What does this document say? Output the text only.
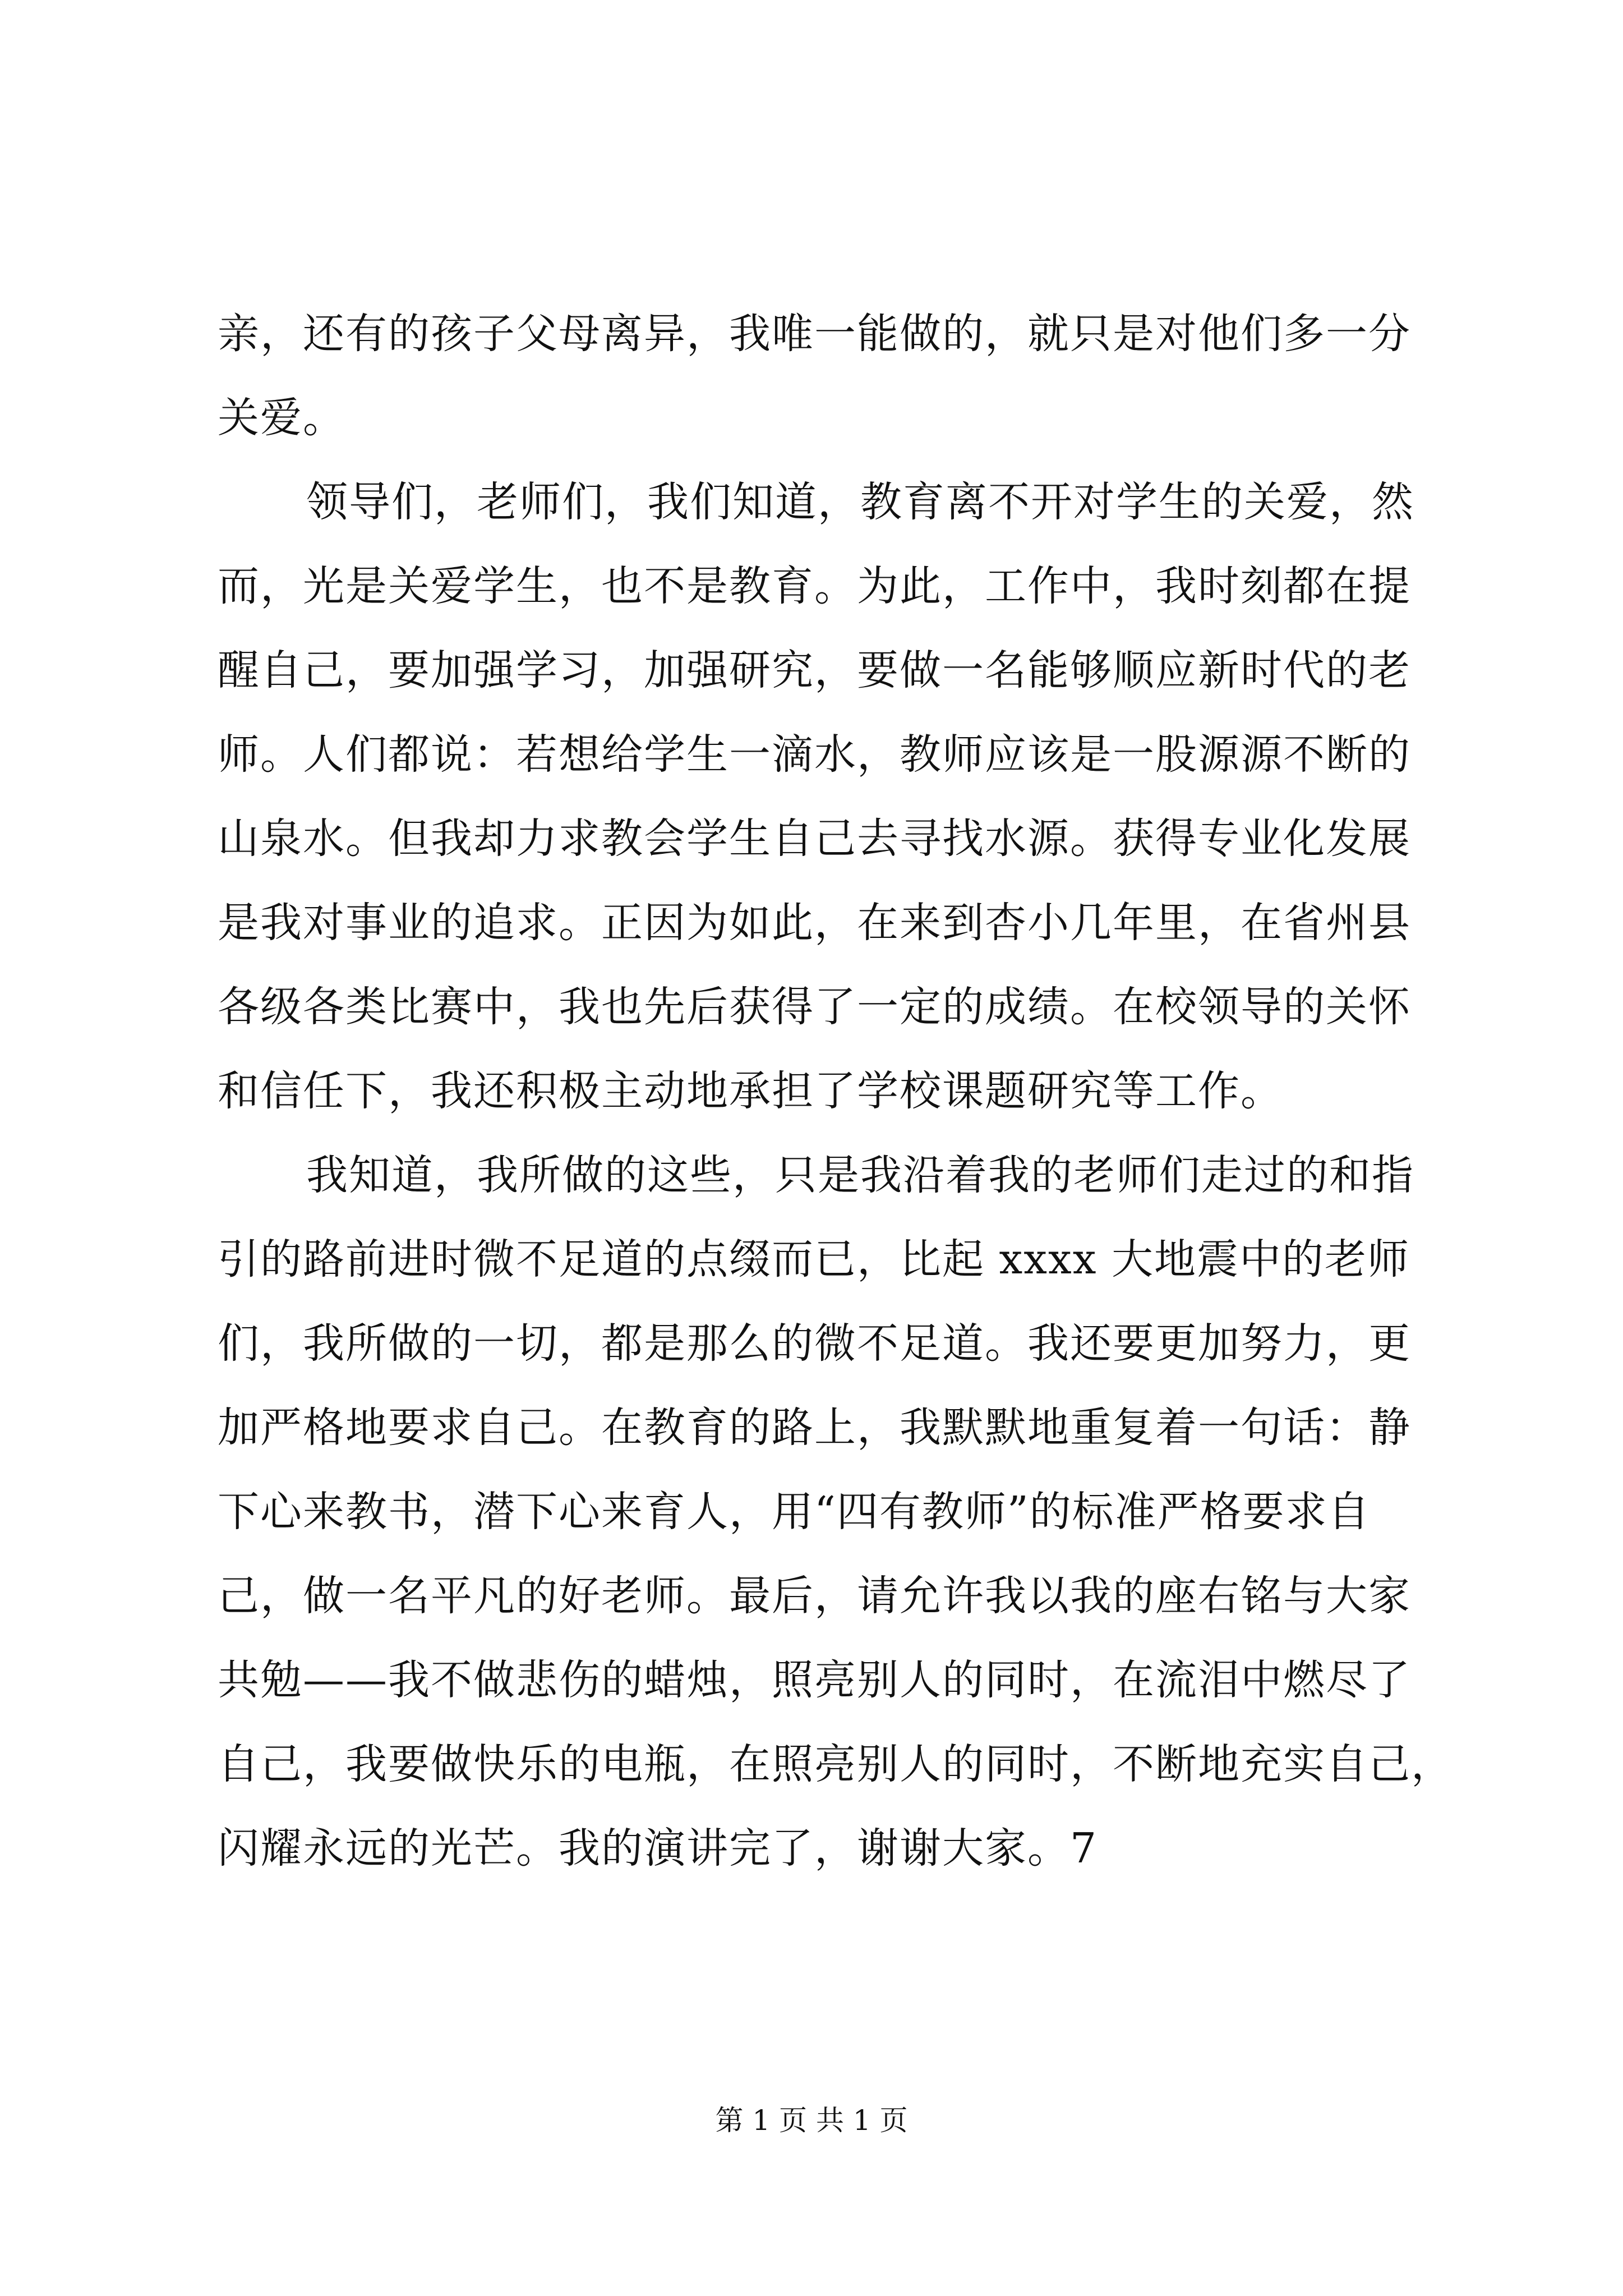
亲，还有的孩子父母离异，我唯一能做的，就只是对他们多一分
关爱。
领导们，老师们，我们知道，教育离不开对学生的关爱，然
而，光是关爱学生，也不是教育。为此，工作中，我时刻都在提
醒自己，要加强学习，加强研究，要做一名能够顺应新时代的老
师。人们都说：若想给学生一滴水，教师应该是一股源源不断的
山泉水。但我却力求教会学生自己去寻找水源。获得专业化发展
是我对事业的追求。正因为如此，在来到杏小几年里，在省州县
各级各类比赛中，我也先后获得了一定的成绩。在校领导的关怀
和信任下，我还积极主动地承担了学校课题研究等工作。
我知道，我所做的这些，只是我沿着我的老师们走过的和指
引的路前进时微不足道的点缀而已，比起 xxxx 大地震中的老师
们，我所做的一切，都是那么的微不足道。我还要更加努力，更
加严格地要求自己。在教育的路上，我默默地重复着一句话：静
下心来教书，潜下心来育人，用“四有教师”的标准严格要求自
己，做一名平凡的好老师。最后，请允许我以我的座右铭与大家
共勉——我不做悲伤的蜡烛，照亮别人的同时，在流泪中燃尽了
自己，我要做快乐的电瓶，在照亮别人的同时，不断地充实自己，
闪耀永远的光芒。我的演讲完了，谢谢大家。7
第 1 页 共 1 页
